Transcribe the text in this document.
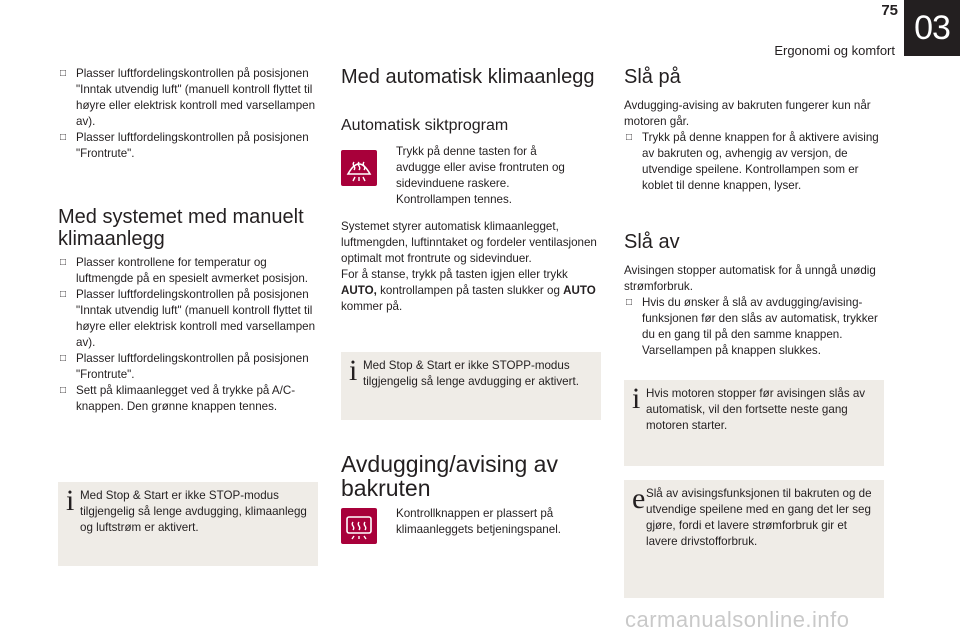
75
Ergonomi og komfort
03
□ Plasser luftfordelingskontrollen på posisjonen "Inntak utvendig luft" (manuell kontroll flyttet til høyre eller elektrisk kontroll med varsellampen av).
□ Plasser luftfordelingskontrollen på posisjonen "Frontrute".
Med systemet med manuelt klimaanlegg
□ Plasser kontrollene for temperatur og luftmengde på en spesielt avmerket posisjon.
□ Plasser luftfordelingskontrollen på posisjonen "Inntak utvendig luft" (manuell kontroll flyttet til høyre eller elektrisk kontroll med varsellampen av).
□ Plasser luftfordelingskontrollen på posisjonen "Frontrute".
□ Sett på klimaanlegget ved å trykke på A/C-knappen. Den grønne knappen tennes.
i Med Stop & Start er ikke STOP-modus tilgjengelig så lenge avdugging, klimaanlegg og luftstrøm er aktivert.
Med automatisk klimaanlegg
Automatisk siktprogram
Trykk på denne tasten for å avdugge eller avise frontruten og sidevinduene raskere. Kontrollampen tennes.

Systemet styrer automatisk klimaanlegget, luftmengden, luftinntaket og fordeler ventilasjonen optimalt mot frontrute og sidevinduer.

For å stanse, trykk på tasten igjen eller trykk AUTO, kontrollampen på tasten slukker og AUTO kommer på.

i Med Stop & Start er ikke STOPP-modus tilgjengelig så lenge avdugging er aktivert.
Avdugging/avising av bakruten
Kontrollknappen er plassert på klimaanleggets betjeningspanel.
Slå på

Avdugging-avising av bakruten fungerer kun når motoren går.

□ Trykk på denne knappen for å aktivere avising av bakruten og, avhengig av versjon, de utvendige speilene. Kontrollampen som er koblet til denne knappen, lyser.
Slå av

Avisingen stopper automatisk for å unngå unødig strømforbruk.

□ Hvis du ønsker å slå av avdugging/avising-funksjonen før den slås av automatisk, trykker du en gang til på den samme knappen. Varsellampen på knappen slukkes.
i Hvis motoren stopper før avisingen slås av automatisk, vil den fortsette neste gang motoren starter.
e Slå av avisingsfunksjonen til bakruten og de utvendige speilene med en gang det ler seg gjøre, fordi et lavere strømforbruk gir et lavere drivstofforbruk.
carmanualsonline.info
